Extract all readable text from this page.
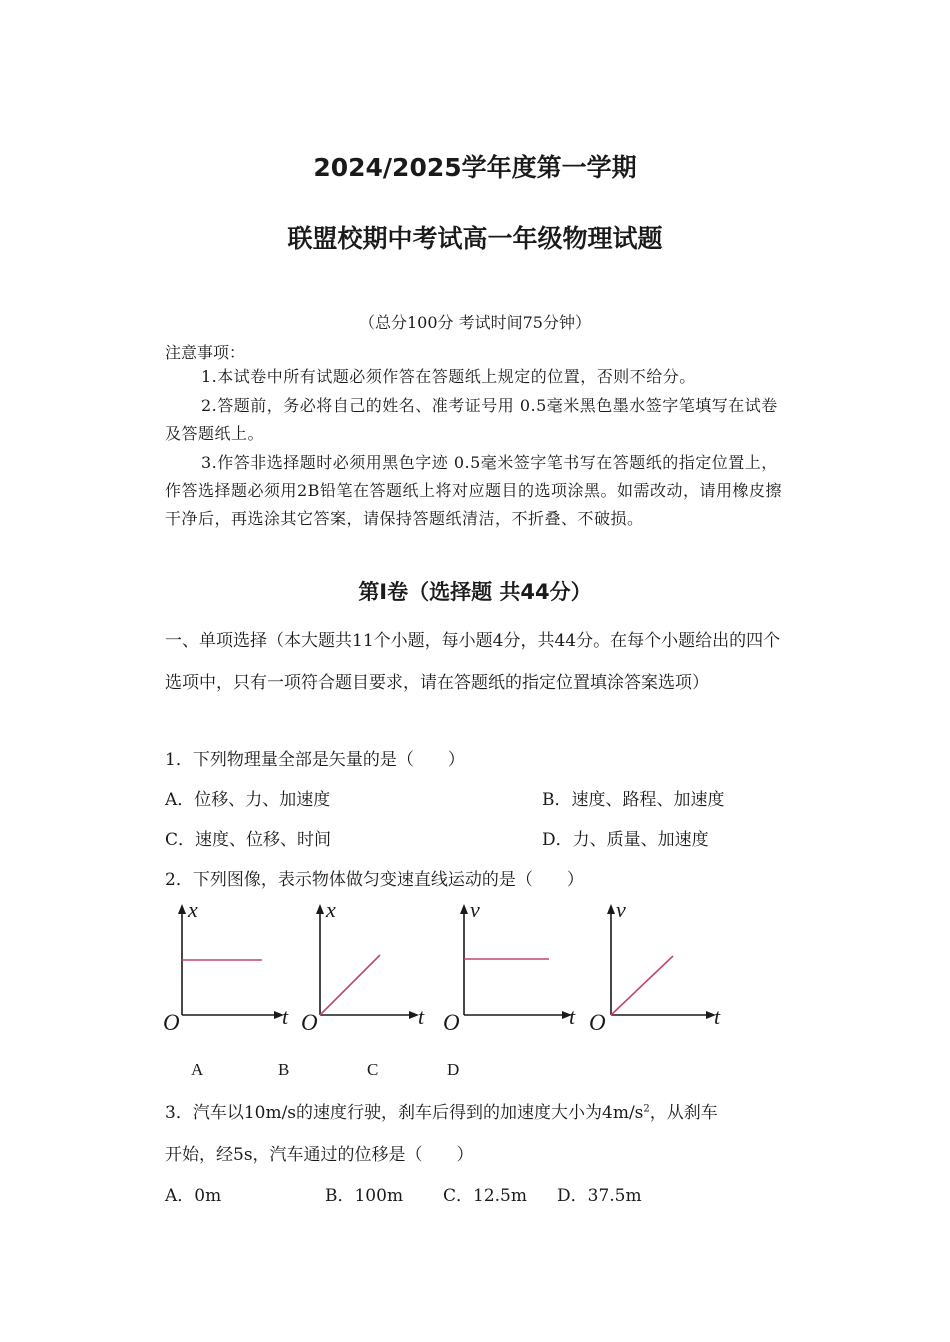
2024/2025学年度第一学期
联盟校期中考试高一年级物理试题
（总分100分 考试时间75分钟）
注意事项：
1.本试卷中所有试题必须作答在答题纸上规定的位置，否则不给分。
2.答题前，务必将自己的姓名、准考证号用 0.5毫米黑色墨水签字笔填写在试卷及答题纸上。
3.作答非选择题时必须用黑色字迹 0.5毫米签字笔书写在答题纸的指定位置上，作答选择题必须用2B铅笔在答题纸上将对应题目的选项涂黑。如需改动，请用橡皮擦干净后，再选涂其它答案，请保持答题纸清洁，不折叠、不破损。
第Ⅰ卷（选择题 共44分）
一、单项选择（本大题共11个小题，每小题4分，共44分。在每个小题给出的四个选项中，只有一项符合题目要求，请在答题纸的指定位置填涂答案选项）
1．下列物理量全部是矢量的是（　　）
A．位移、力、加速度	B．速度、路程、加速度
C．速度、位移、时间	D．力、质量、加速度
2．下列图像，表示物体做匀变速直线运动的是（　　）
x
t
O
x
t
O
v
t
O
v
t
O
A	B	C	D
3．汽车以10m/s的速度行驶，刹车后得到的加速度大小为$4m/s^2$，从刹车
开始，经5s，汽车通过的位移是（　　）
A．0m	B．100m C．12.5m D．37.5m
